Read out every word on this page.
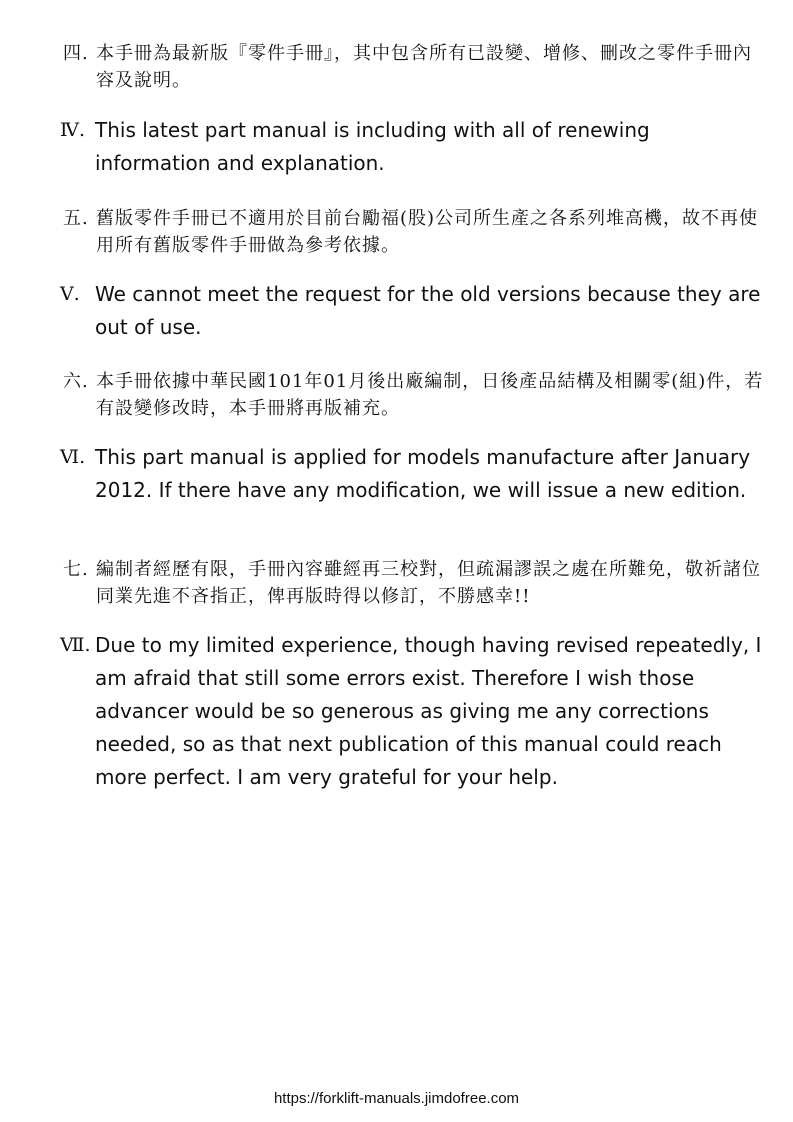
四. 本手冊為最新版『零件手冊』，其中包含所有已設變、增修、刪改之零件手冊內容及說明。
Ⅳ. This latest part manual is including with all of renewing information and explanation.
五. 舊版零件手冊已不適用於目前台勵福(股)公司所生產之各系列堆高機，故不再使用所有舊版零件手冊做為參考依據。
Ⅴ. We cannot meet the request for the old versions because they are out of use.
六. 本手冊依據中華民國101年01月後出廠編制，日後產品結構及相關零(組)件，若有設變修改時，本手冊將再版補充。
Ⅵ. This part manual is applied for models manufacture after January 2012. If there have any modification, we will issue a new edition.
七. 編制者經歷有限，手冊內容雖經再三校對，但疏漏謬誤之處在所難免，敬祈諸位同業先進不吝指正，俾再版時得以修訂，不勝感幸!!
Ⅶ. Due to my limited experience, though having revised repeatedly, I am afraid that still some errors exist. Therefore I wish those advancer would be so generous as giving me any corrections needed, so as that next publication of this manual could reach more perfect. I am very grateful for your help.
https://forklift-manuals.jimdofree.com
